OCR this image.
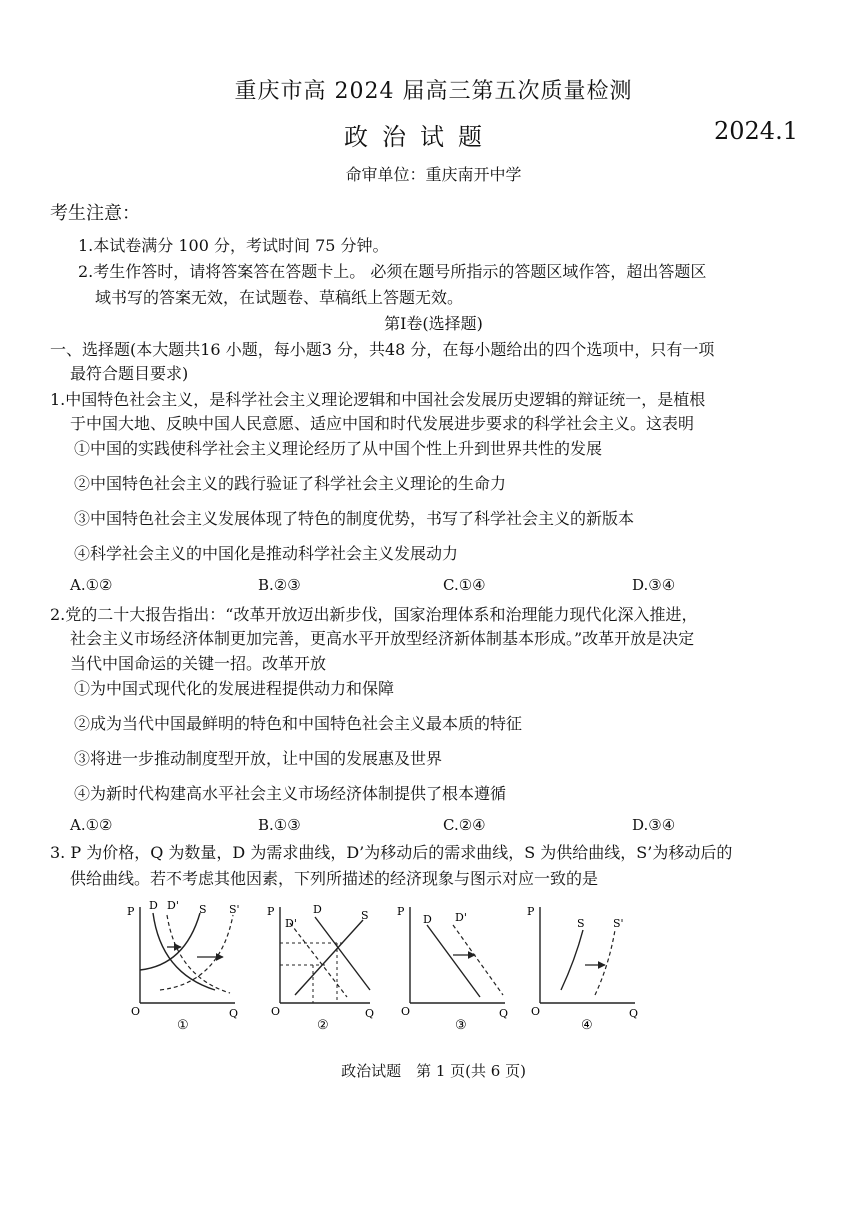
重庆市高 2024 届高三第五次质量检测
政治试题	2024.1
命审单位：重庆南开中学
考生注意：
1.本试卷满分 100 分，考试时间 75 分钟。
2.考生作答时，请将答案答在答题卡上。 必须在题号所指示的答题区域作答，超出答题区
域书写的答案无效，在试题卷、草稿纸上答题无效。
第Ⅰ卷(选择题)
一、选择题(本大题共16 小题，每小题3 分，共48 分，在每小题给出的四个选项中，只有一项
最符合题目要求)
1.中国特色社会主义，是科学社会主义理论逻辑和中国社会发展历史逻辑的辩证统一，是植根
于中国大地、反映中国人民意愿、适应中国和时代发展进步要求的科学社会主义。这表明
①中国的实践使科学社会主义理论经历了从中国个性上升到世界共性的发展
②中国特色社会主义的践行验证了科学社会主义理论的生命力
③中国特色社会主义发展体现了特色的制度优势，书写了科学社会主义的新版本
④科学社会主义的中国化是推动科学社会主义发展动力
A.①②	B.②③	C.①④	D.③④
2.党的二十大报告指出：“改革开放迈出新步伐，国家治理体系和治理能力现代化深入推进，
社会主义市场经济体制更加完善，更高水平开放型经济新体制基本形成。”改革开放是决定
当代中国命运的关键一招。改革开放
①为中国式现代化的发展进程提供动力和保障
②成为当代中国最鲜明的特色和中国特色社会主义最本质的特征
③将进一步推动制度型开放，让中国的发展惠及世界
④为新时代构建高水平社会主义市场经济体制提供了根本遵循
A.①②	B.①③	C.②④	D.③④
3. P 为价格，Q 为数量，D 为需求曲线，D’为移动后的需求曲线，S 为供给曲线，S’为移动后的
供给曲线。若不考虑其他因素，下列所描述的经济现象与图示对应一致的是
P
O	Q
D D' S S'
①
P
O	Q
D'
D	S
②
P
O	Q
D D'
③
P
O	Q
S	S'
④
政治试题　第 1 页(共 6 页)
